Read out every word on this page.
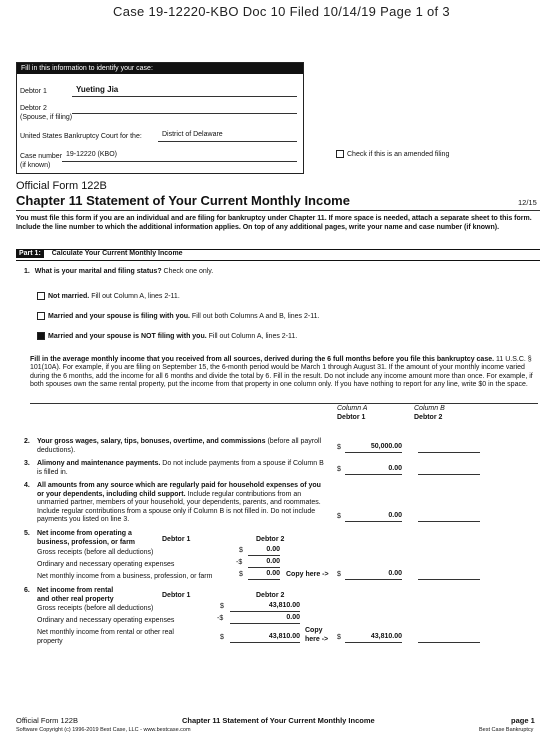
Case 19-12220-KBO Doc 10 Filed 10/14/19 Page 1 of 3
Fill in this information to identify your case:
Debtor 1	Yueting Jia
Debtor 2
(Spouse, if filing)
United States Bankruptcy Court for the:	District of Delaware
Case number
(if known)
19-12220 (KBO)	Check if this is an amended filing
Official Form 122B
Chapter 11 Statement of Your Current Monthly Income	12/15
You must file this form if you are an individual and are filing for bankruptcy under Chapter 11. If more space is needed, attach a separate sheet to this form. Include the line number to which the additional information applies. On top of any additional pages, write your name and case number (if known).
Part 1: Calculate Your Current Monthly Income
1. What is your marital and filing status? Check one only.
Not married. Fill out Column A, lines 2-11.
Married and your spouse is filing with you. Fill out both Columns A and B, lines 2-11.
Married and your spouse is NOT filing with you. Fill out Column A, lines 2-11.
Fill in the average monthly income that you received from all sources, derived during the 6 full months before you file this bankruptcy case. 11 U.S.C. § 101(10A). For example, if you are filing on September 15, the 6-month period would be March 1 through August 31. If the amount of your monthly income varied during the 6 months, add the income for all 6 months and divide the total by 6. Fill in the result. Do not include any income amount more than once. For example, if both spouses own the same rental property, put the income from that property in one column only. If you have nothing to report for any line, write $0 in the space.
Column A
Debtor 1
Column B
Debtor 2
2. Your gross wages, salary, tips, bonuses, overtime, and commissions (before all payroll deductions).	$	50,000.00
3. Alimony and maintenance payments. Do not include payments from a spouse if Column B is filled in.	$	0.00
4. All amounts from any source which are regularly paid for household expenses of you or your dependents, including child support. Include regular contributions from an unmarried partner, members of your household, your dependents, parents, and roommates. Include regular contributions from a spouse only if Column B is not filled in. Do not include payments you listed on line 3.	$	0.00
5. Net income from operating a business, profession, or farm	Debtor 1	Debtor 2
Gross receipts (before all deductions)	$	0.00
Ordinary and necessary operating expenses	-$	0.00
Net monthly income from a business, profession, or farm	$	0.00 Copy here -> $	0.00
6. Net income from rental and other real property	Debtor 1	Debtor 2
Gross receipts (before all deductions)	$	43,810.00
Ordinary and necessary operating expenses	-$	0.00
Net monthly income from rental or other real property	$	43,810.00
Copy here ->	$	43,810.00
Official Form 122B	Chapter 11 Statement of Your Current Monthly Income	page 1
Software Copyright (c) 1996-2019 Best Case, LLC - www.bestcase.com	Best Case Bankruptcy
